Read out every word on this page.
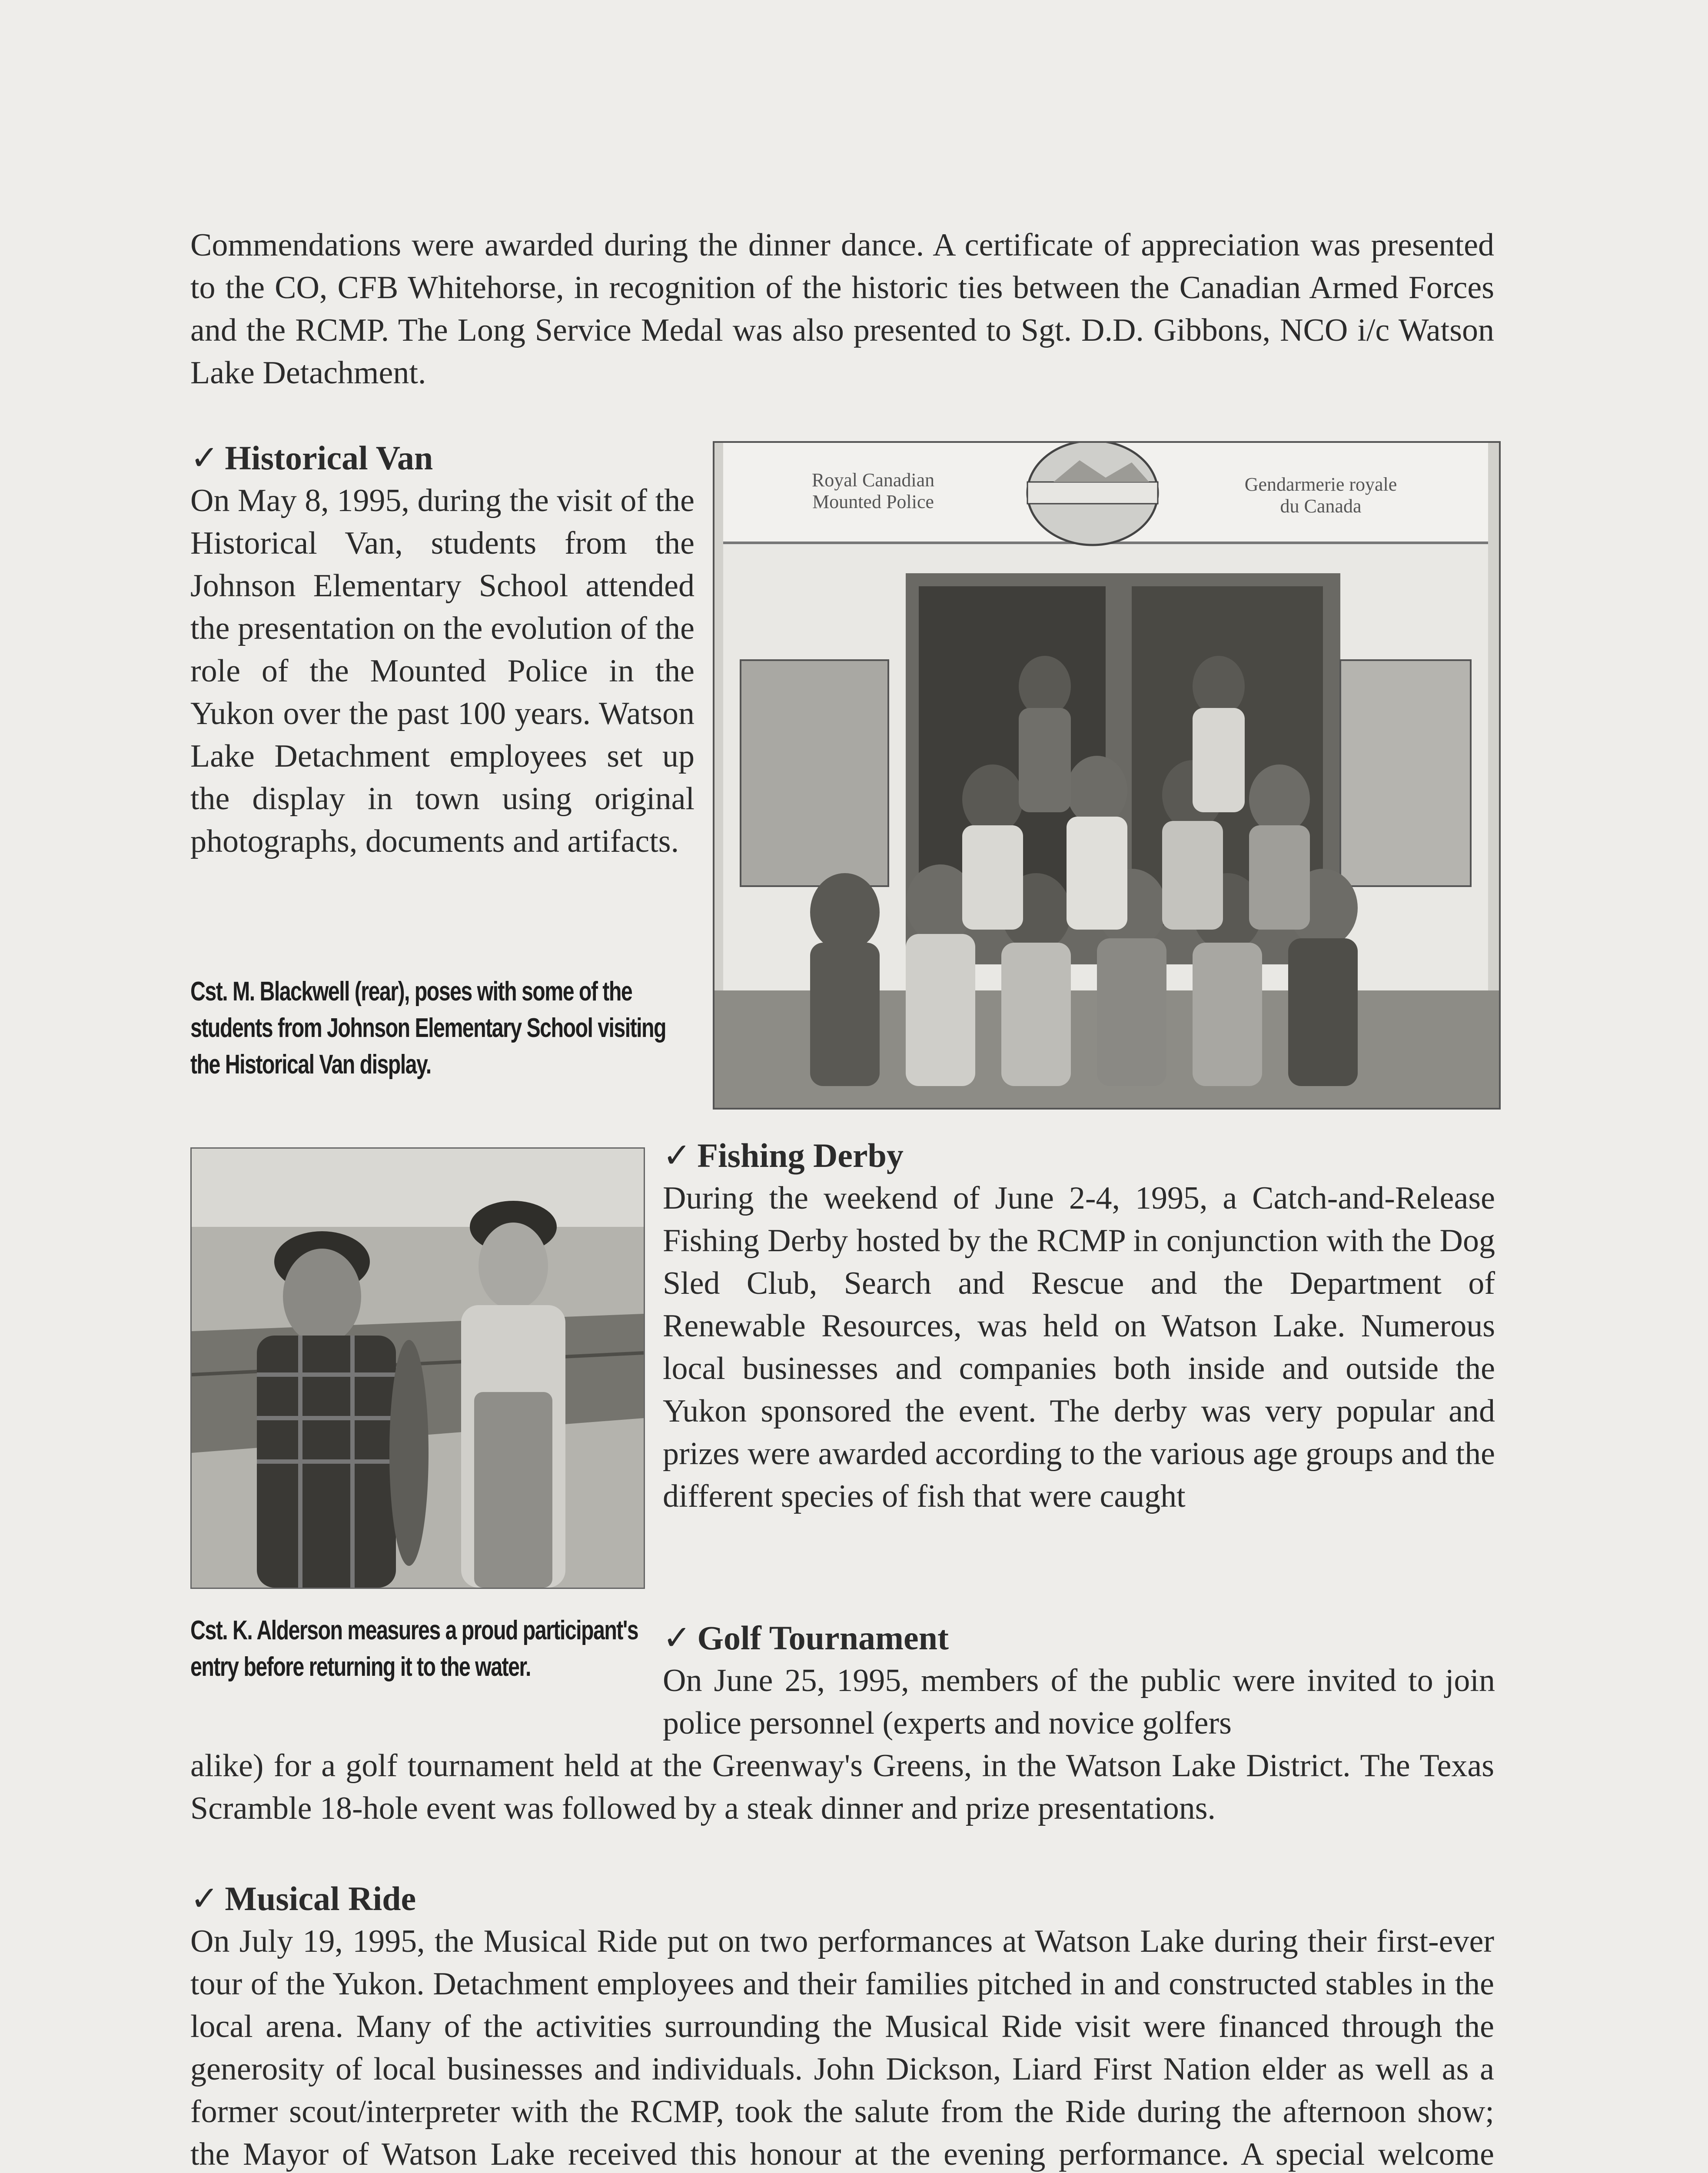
Commendations were awarded during the dinner dance. A certificate of appreciation was presented to the CO, CFB Whitehorse, in recognition of the historic ties between the Canadian Armed Forces and the RCMP. The Long Service Medal was also presented to Sgt. D.D. Gibbons, NCO i/c Watson Lake Detachment.

✓ Historical Van

On May 8, 1995, during the visit of the Historical Van, students from the Johnson Elementary School attended the presentation on the evolution of the role of the Mounted Police in the Yukon over the past 100 years. Watson Lake Detachment employees set up the display in town using original photographs, documents and artifacts.

Royal Canadian
Mounted Police
Gendarmerie royale
du Canada

Cst. M. Blackwell (rear), poses with some of the students from Johnson Elementary School visiting the Historical Van display.

✓ Fishing Derby

During the weekend of June 2-4, 1995, a Catch-and-Release Fishing Derby hosted by the RCMP in conjunction with the Dog Sled Club, Search and Rescue and the Department of Renewable Resources, was held on Watson Lake. Numerous local businesses and companies both inside and outside the Yukon sponsored the event. The derby was very popular and prizes were awarded according to the various age groups and the different species of fish that were caught

Cst. K. Alderson measures a proud participant's entry before returning it to the water.

✓ Golf Tournament

On June 25, 1995, members of the public were invited to join police personnel (experts and novice golfers

alike) for a golf tournament held at the Greenway's Greens, in the Watson Lake District. The Texas Scramble 18-hole event was followed by a steak dinner and prize presentations.

✓ Musical Ride

On July 19, 1995, the Musical Ride put on two performances at Watson Lake during their first-ever tour of the Yukon. Detachment employees and their families pitched in and constructed stables in the local arena. Many of the activities surrounding the Musical Ride visit were financed through the generosity of local businesses and individuals. John Dickson, Liard First Nation elder as well as a former scout/interpreter with the RCMP, took the salute from the Ride during the afternoon show; the Mayor of Watson Lake received this honour at the evening performance. A special welcome
